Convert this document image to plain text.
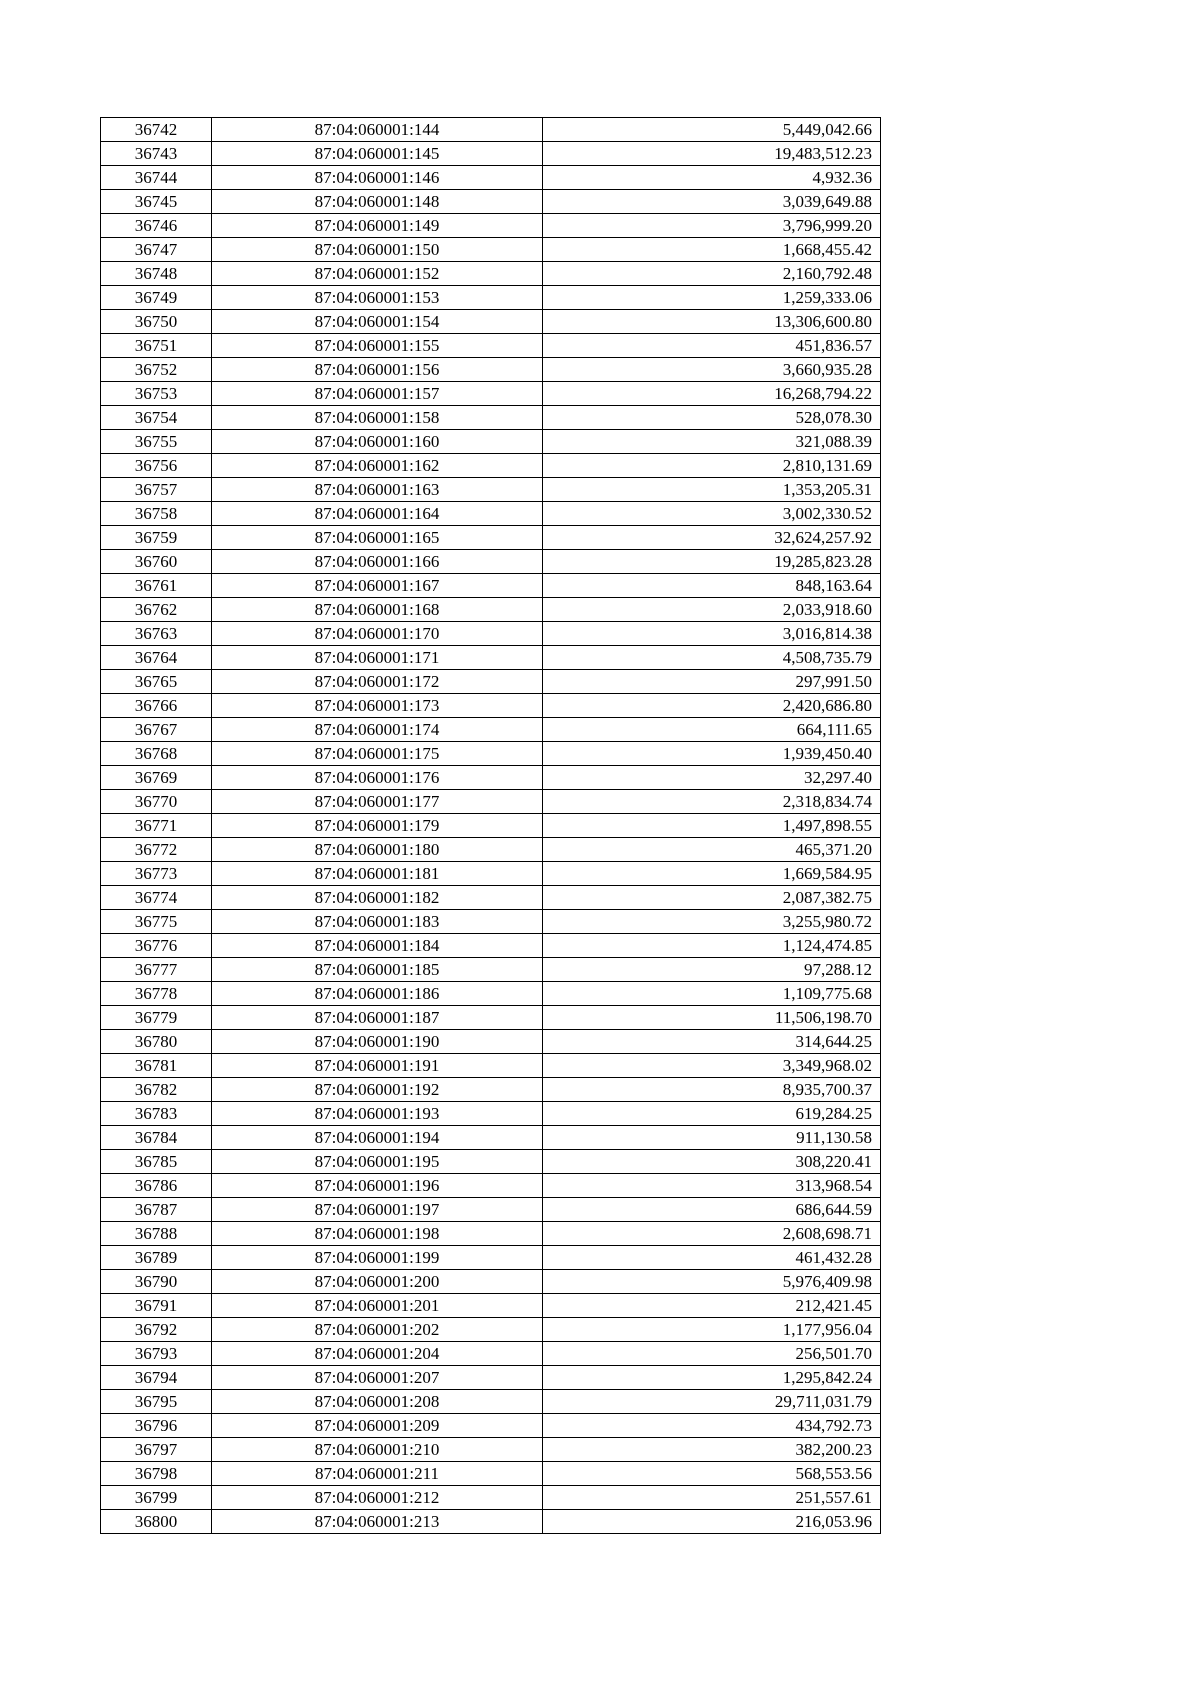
36742	87:04:060001:144	5,449,042.66
36743	87:04:060001:145	19,483,512.23
36744	87:04:060001:146	4,932.36
36745	87:04:060001:148	3,039,649.88
36746	87:04:060001:149	3,796,999.20
36747	87:04:060001:150	1,668,455.42
36748	87:04:060001:152	2,160,792.48
36749	87:04:060001:153	1,259,333.06
36750	87:04:060001:154	13,306,600.80
36751	87:04:060001:155	451,836.57
36752	87:04:060001:156	3,660,935.28
36753	87:04:060001:157	16,268,794.22
36754	87:04:060001:158	528,078.30
36755	87:04:060001:160	321,088.39
36756	87:04:060001:162	2,810,131.69
36757	87:04:060001:163	1,353,205.31
36758	87:04:060001:164	3,002,330.52
36759	87:04:060001:165	32,624,257.92
36760	87:04:060001:166	19,285,823.28
36761	87:04:060001:167	848,163.64
36762	87:04:060001:168	2,033,918.60
36763	87:04:060001:170	3,016,814.38
36764	87:04:060001:171	4,508,735.79
36765	87:04:060001:172	297,991.50
36766	87:04:060001:173	2,420,686.80
36767	87:04:060001:174	664,111.65
36768	87:04:060001:175	1,939,450.40
36769	87:04:060001:176	32,297.40
36770	87:04:060001:177	2,318,834.74
36771	87:04:060001:179	1,497,898.55
36772	87:04:060001:180	465,371.20
36773	87:04:060001:181	1,669,584.95
36774	87:04:060001:182	2,087,382.75
36775	87:04:060001:183	3,255,980.72
36776	87:04:060001:184	1,124,474.85
36777	87:04:060001:185	97,288.12
36778	87:04:060001:186	1,109,775.68
36779	87:04:060001:187	11,506,198.70
36780	87:04:060001:190	314,644.25
36781	87:04:060001:191	3,349,968.02
36782	87:04:060001:192	8,935,700.37
36783	87:04:060001:193	619,284.25
36784	87:04:060001:194	911,130.58
36785	87:04:060001:195	308,220.41
36786	87:04:060001:196	313,968.54
36787	87:04:060001:197	686,644.59
36788	87:04:060001:198	2,608,698.71
36789	87:04:060001:199	461,432.28
36790	87:04:060001:200	5,976,409.98
36791	87:04:060001:201	212,421.45
36792	87:04:060001:202	1,177,956.04
36793	87:04:060001:204	256,501.70
36794	87:04:060001:207	1,295,842.24
36795	87:04:060001:208	29,711,031.79
36796	87:04:060001:209	434,792.73
36797	87:04:060001:210	382,200.23
36798	87:04:060001:211	568,553.56
36799	87:04:060001:212	251,557.61
36800	87:04:060001:213	216,053.96
